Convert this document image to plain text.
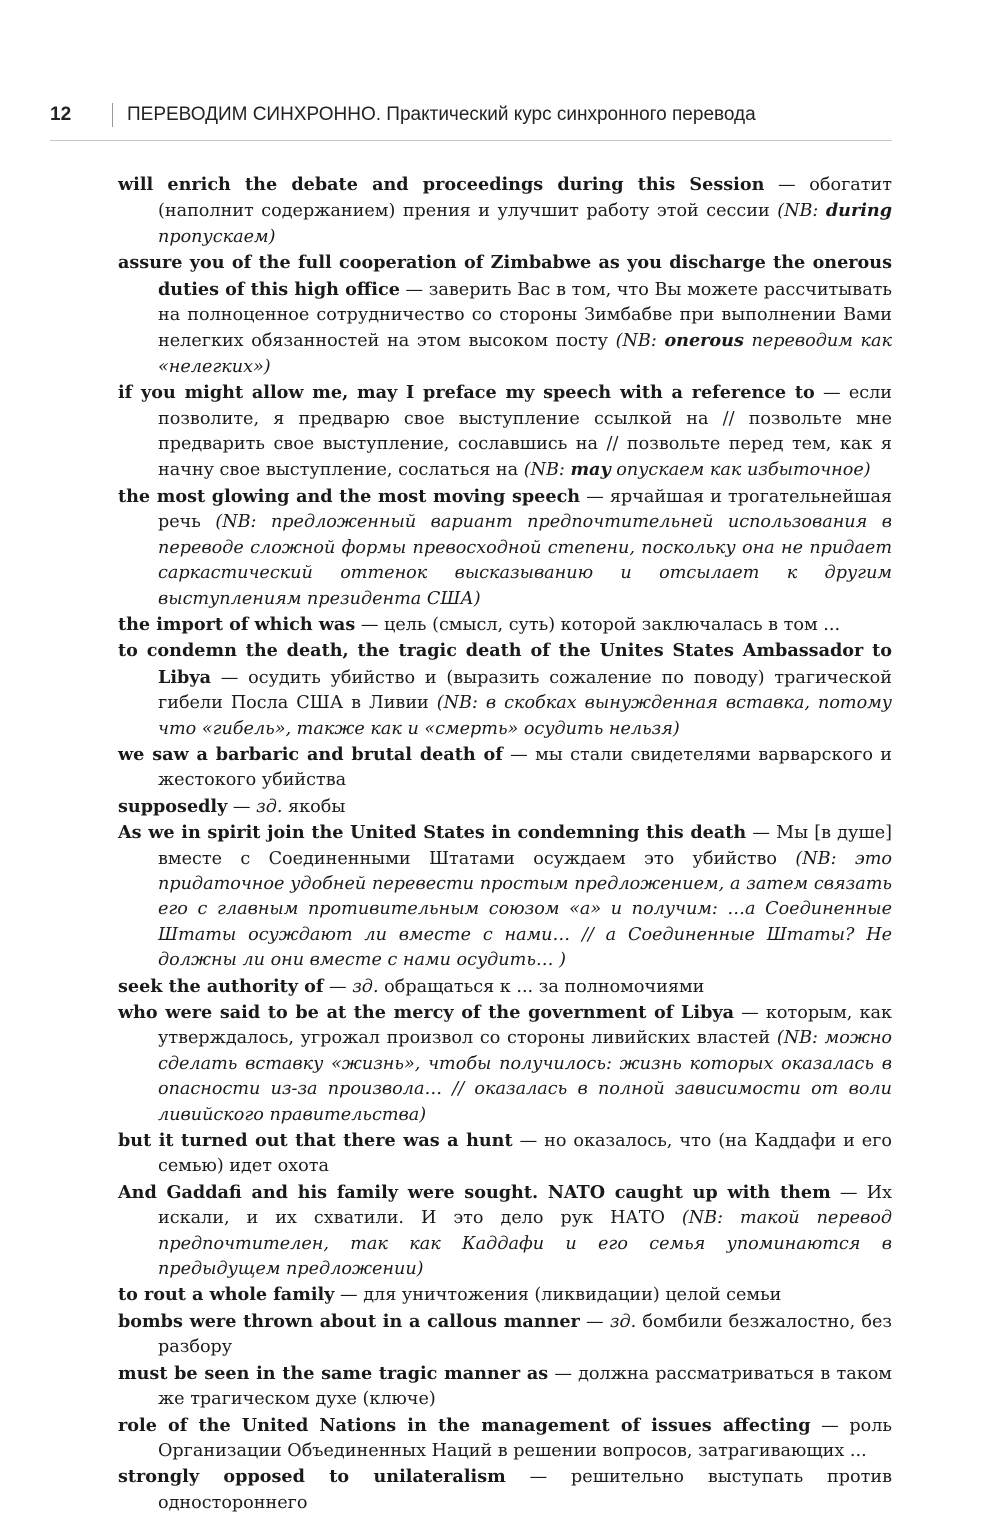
12	ПЕРЕВОДИМ СИНХРОННО. Практический курс синхронного перевода

will enrich the debate and proceedings during this Session — обогатит (наполнит содержанием) прения и улучшит работу этой сессии (NB: during пропускаем)

assure you of the full cooperation of Zimbabwe as you discharge the onerous duties of this high office — заверить Вас в том, что Вы можете рассчитывать на полноценное сотрудничество со стороны Зимбабве при выполнении Вами нелегких обязанностей на этом высоком посту (NB: onerous переводим как «нелегких»)

if you might allow me, may I preface my speech with a reference to — если позволите, я предварю свое выступление ссылкой на // позвольте мне предварить свое выступление, сославшись на // позвольте перед тем, как я начну свое выступление, сослаться на (NB: may опускаем как избыточное)

the most glowing and the most moving speech — ярчайшая и трогательнейшая речь (NB: предложенный вариант предпочтительней использования в переводе сложной формы превосходной степени, поскольку она не придает саркастический оттенок высказыванию и отсылает к другим выступлениям президента США)

the import of which was — цель (смысл, суть) которой заключалась в том ...

to condemn the death, the tragic death of the Unites States Ambassador to Libya — осудить убийство и (выразить сожаление по поводу) трагической гибели Посла США в Ливии (NB: в скобках вынужденная вставка, потому что «гибель», также как и «смерть» осудить нельзя)

we saw a barbaric and brutal death of — мы стали свидетелями варварского и жестокого убийства

supposedly — зд. якобы

As we in spirit join the United States in condemning this death — Мы [в душе] вместе с Соединенными Штатами осуждаем это убийство (NB: это придаточное удобней перевести простым предложением, а затем связать его с главным противительным союзом «а» и получим: …а Соединенные Штаты осуждают ли вместе с нами… // а Соединенные Штаты? Не должны ли они вместе с нами осудить… )

seek the authority of — зд. обращаться к ... за полномочиями

who were said to be at the mercy of the government of Libya — которым, как утверждалось, угрожал произвол со стороны ливийских властей (NB: можно сделать вставку «жизнь», чтобы получилось: жизнь которых оказалась в опасности из-за произвола… // оказалась в полной зависимости от воли ливийского правительства)

but it turned out that there was a hunt — но оказалось, что (на Каддафи и его семью) идет охота

And Gaddafi and his family were sought. NATO caught up with them — Их искали, и их схватили. И это дело рук НАТО (NB: такой перевод предпочтителен, так как Каддафи и его семья упоминаются в предыдущем предложении)

to rout a whole family — для уничтожения (ликвидации) целой семьи

bombs were thrown about in a callous manner — зд. бомбили безжалостно, без разбору

must be seen in the same tragic manner as — должна рассматриваться в таком же трагическом духе (ключе)

role of the United Nations in the management of issues affecting — роль Организации Объединенных Наций в решении вопросов, затрагивающих ...

strongly opposed to unilateralism — решительно выступать против одностороннего
